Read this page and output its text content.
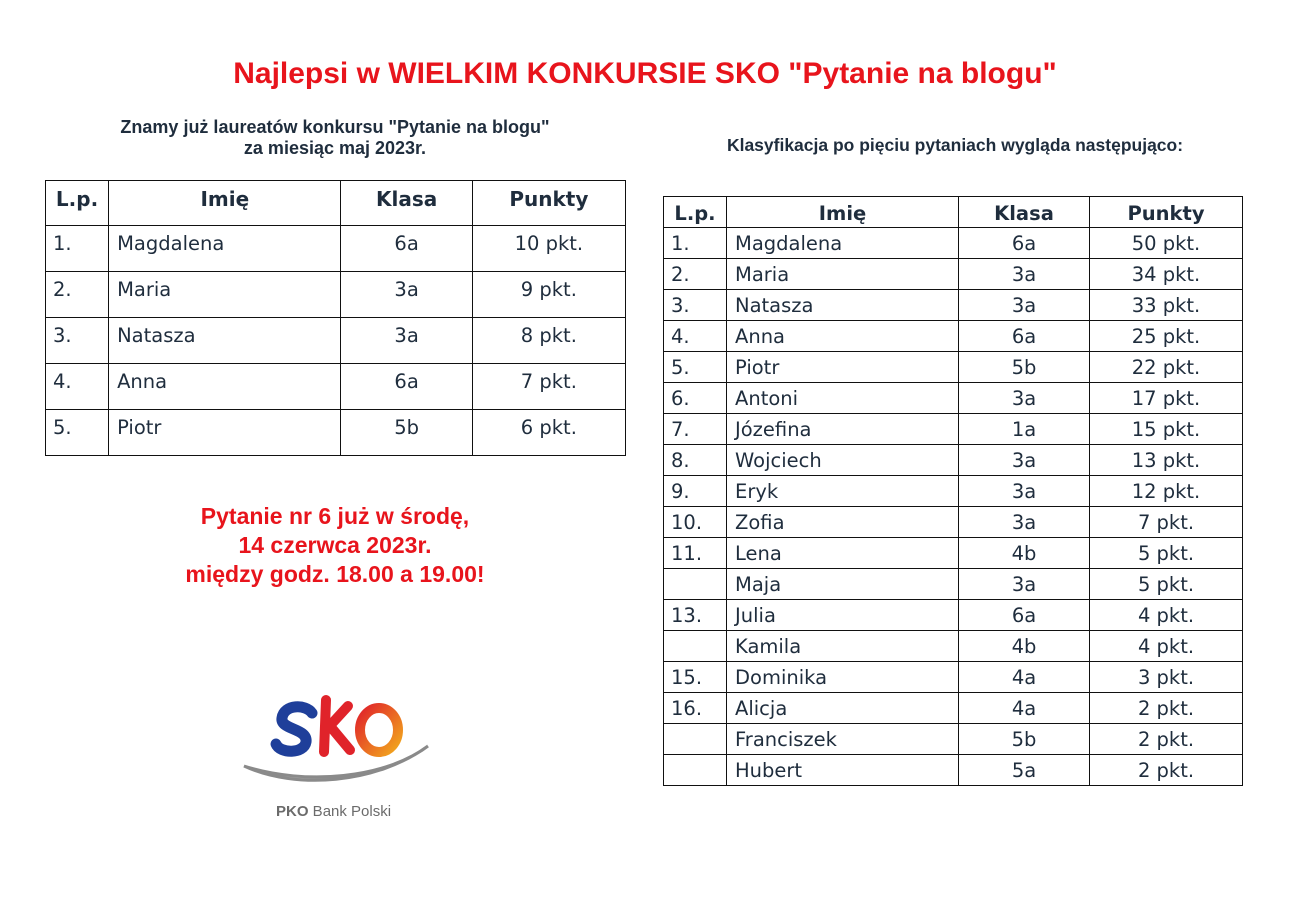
Najlepsi w WIELKIM KONKURSIE SKO "Pytanie na blogu"
Znamy już laureatów konkursu "Pytanie na blogu"
za miesiąc maj 2023r.	Klasyfikacja po pięciu pytaniach wygląda następująco:
L.p.	Imię	Klasa	Punkty
1.	Magdalena	6a	10 pkt.
2.	Maria	3a	9 pkt.
3.	Natasza	3a	8 pkt.
4.	Anna	6a	7 pkt.
5.	Piotr	5b	6 pkt.
L.p.	Imię	Klasa	Punkty
1.	Magdalena	6a	50 pkt.
2.	Maria	3a	34 pkt.
3.	Natasza	3a	33 pkt.
4.	Anna	6a	25 pkt.
5.	Piotr	5b	22 pkt.
6.	Antoni	3a	17 pkt.
7.	Józefina	1a	15 pkt.
8.	Wojciech	3a	13 pkt.
9.	Eryk	3a	12 pkt.
10.	Zofia	3a	7 pkt.
11.	Lena	4b	5 pkt.
	Maja	3a	5 pkt.
13.	Julia	6a	4 pkt.
	Kamila	4b	4 pkt.
15.	Dominika	4a	3 pkt.
16.	Alicja	4a	2 pkt.
	Franciszek	5b	2 pkt.
	Hubert	5a	2 pkt.
Pytanie nr 6 już w środę,
14 czerwca 2023r.
między godz. 18.00 a 19.00!
PKO Bank Polski
